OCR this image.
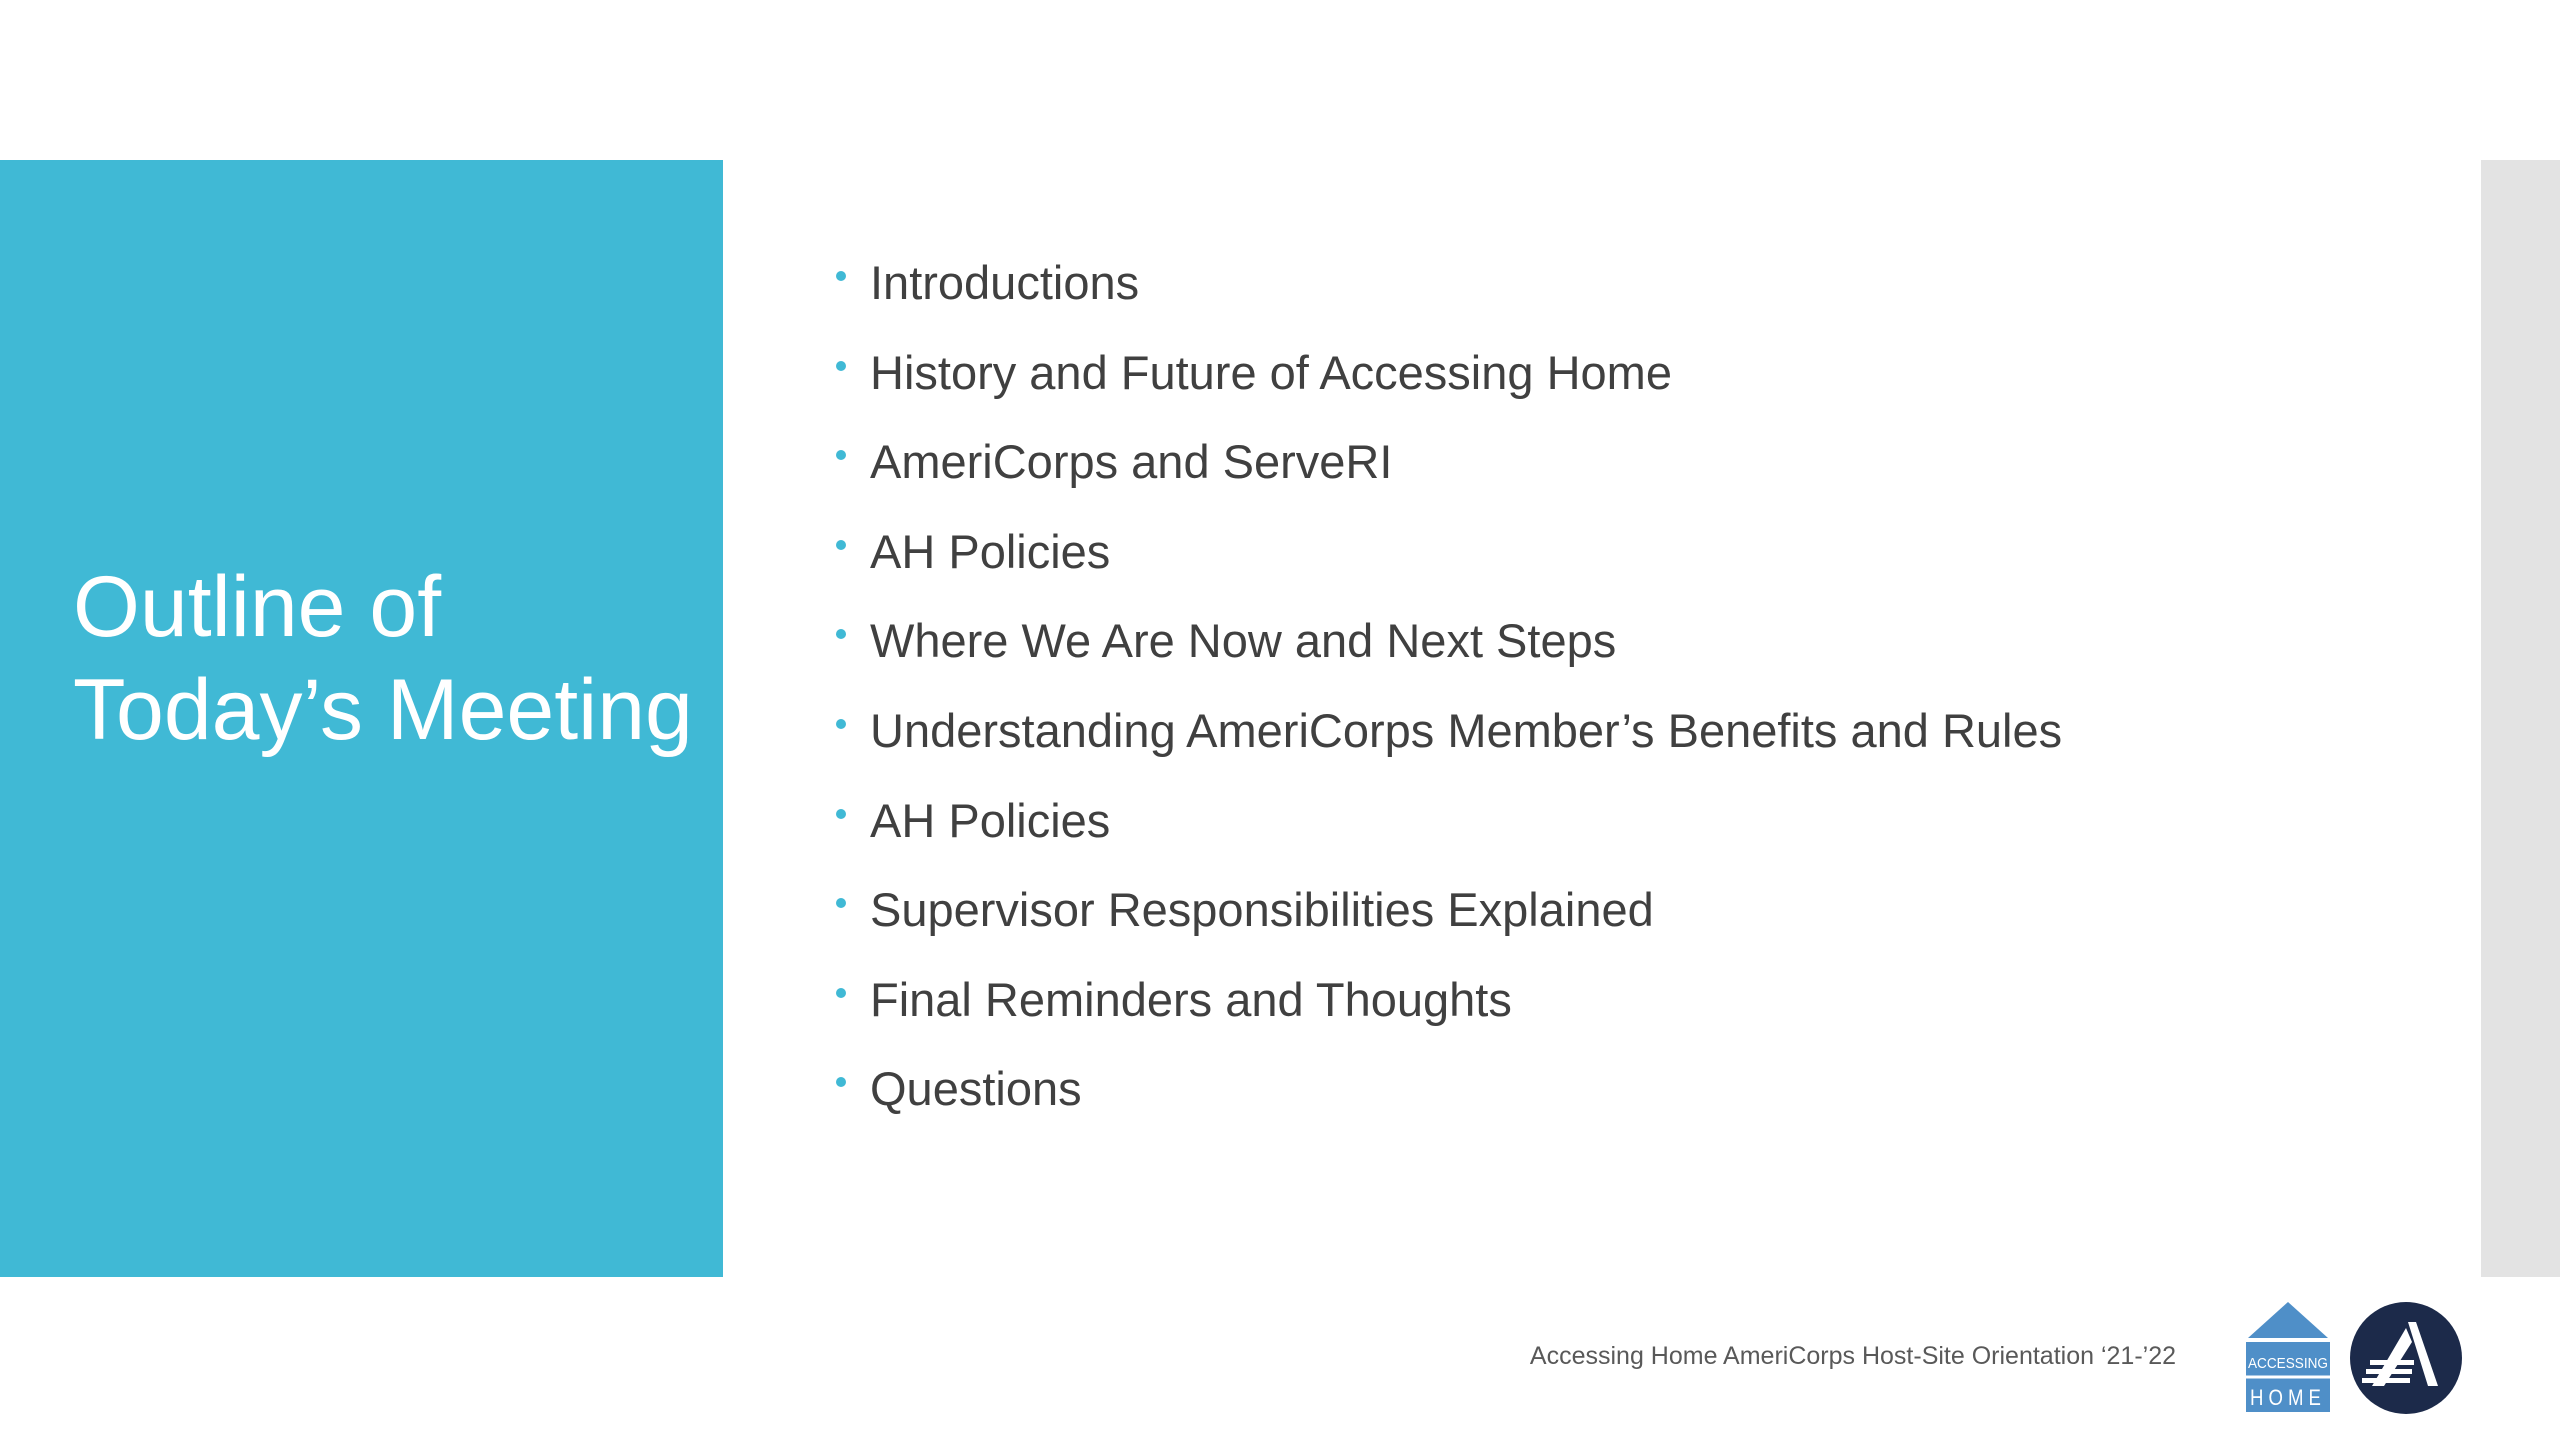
Outline of Today’s Meeting
Introductions
History and Future of Accessing Home
AmeriCorps and ServeRI
AH Policies
Where We Are Now and Next Steps
Understanding AmeriCorps Member’s Benefits and Rules
AH Policies
Supervisor Responsibilities Explained
Final Reminders and Thoughts
Questions
Accessing Home AmeriCorps Host-Site Orientation ‘21-’22	ACCESSING
HOME
